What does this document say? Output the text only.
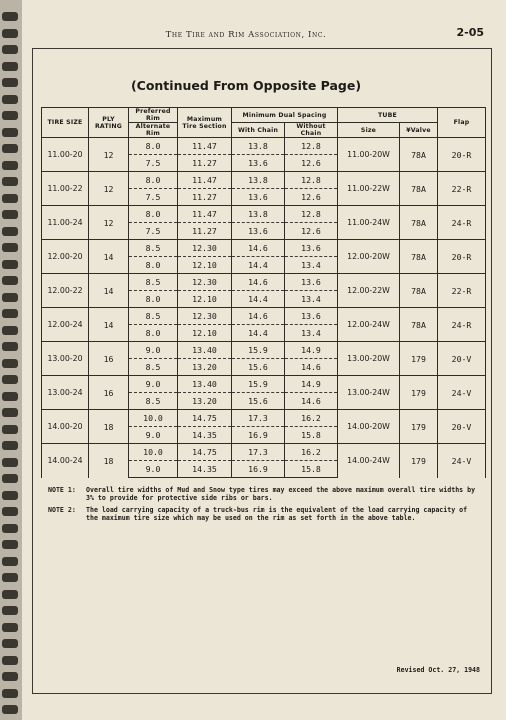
The Tire and Rim Association, Inc.	2-05
(Continued From Opposite Page)
TIRE SIZE	PLY RATING	Preferred Rim	Maximum Tire Section	Minimum Dual Spacing		TUBE		Flap
		Alternate Rim		With Chain	Without Chain	Size	¥Valve	
11.00-20	12	8.0	11.47	13.8	12.8	11.00-20W	78A	20-R
		7.5	11.27	13.6	12.6			
11.00-22	12	8.0	11.47	13.8	12.8	11.00-22W	78A	22-R
		7.5	11.27	13.6	12.6			
11.00-24	12	8.0	11.47	13.8	12.8	11.00-24W	78A	24-R
		7.5	11.27	13.6	12.6			
12.00-20	14	8.5	12.30	14.6	13.6	12.00-20W	78A	20-R
		8.0	12.10	14.4	13.4			
12.00-22	14	8.5	12.30	14.6	13.6	12.00-22W	78A	22-R
		8.0	12.10	14.4	13.4			
12.00-24	14	8.5	12.30	14.6	13.6	12.00-24W	78A	24-R
		8.0	12.10	14.4	13.4			
13.00-20	16	9.0	13.40	15.9	14.9	13.00-20W	179	20-V
		8.5	13.20	15.6	14.6			
13.00-24	16	9.0	13.40	15.9	14.9	13.00-24W	179	24-V
		8.5	13.20	15.6	14.6			
14.00-20	18	10.0	14.75	17.3	16.2	14.00-20W	179	20-V
		9.0	14.35	16.9	15.8			
14.00-24	18	10.0	14.75	17.3	16.2	14.00-24W	179	24-V
		9.0	14.35	16.9	15.8			
NOTE 1:	Overall tire widths of Mud and Snow type tires may exceed the above maximum overall tire widths by 3% to provide for protective side ribs or bars.
NOTE 2:	The load carrying capacity of a truck-bus rim is the equivalent of the load carrying capacity of the maximum tire size which may be used on the rim as set forth in the above table.
Revised Oct. 27, 1948
